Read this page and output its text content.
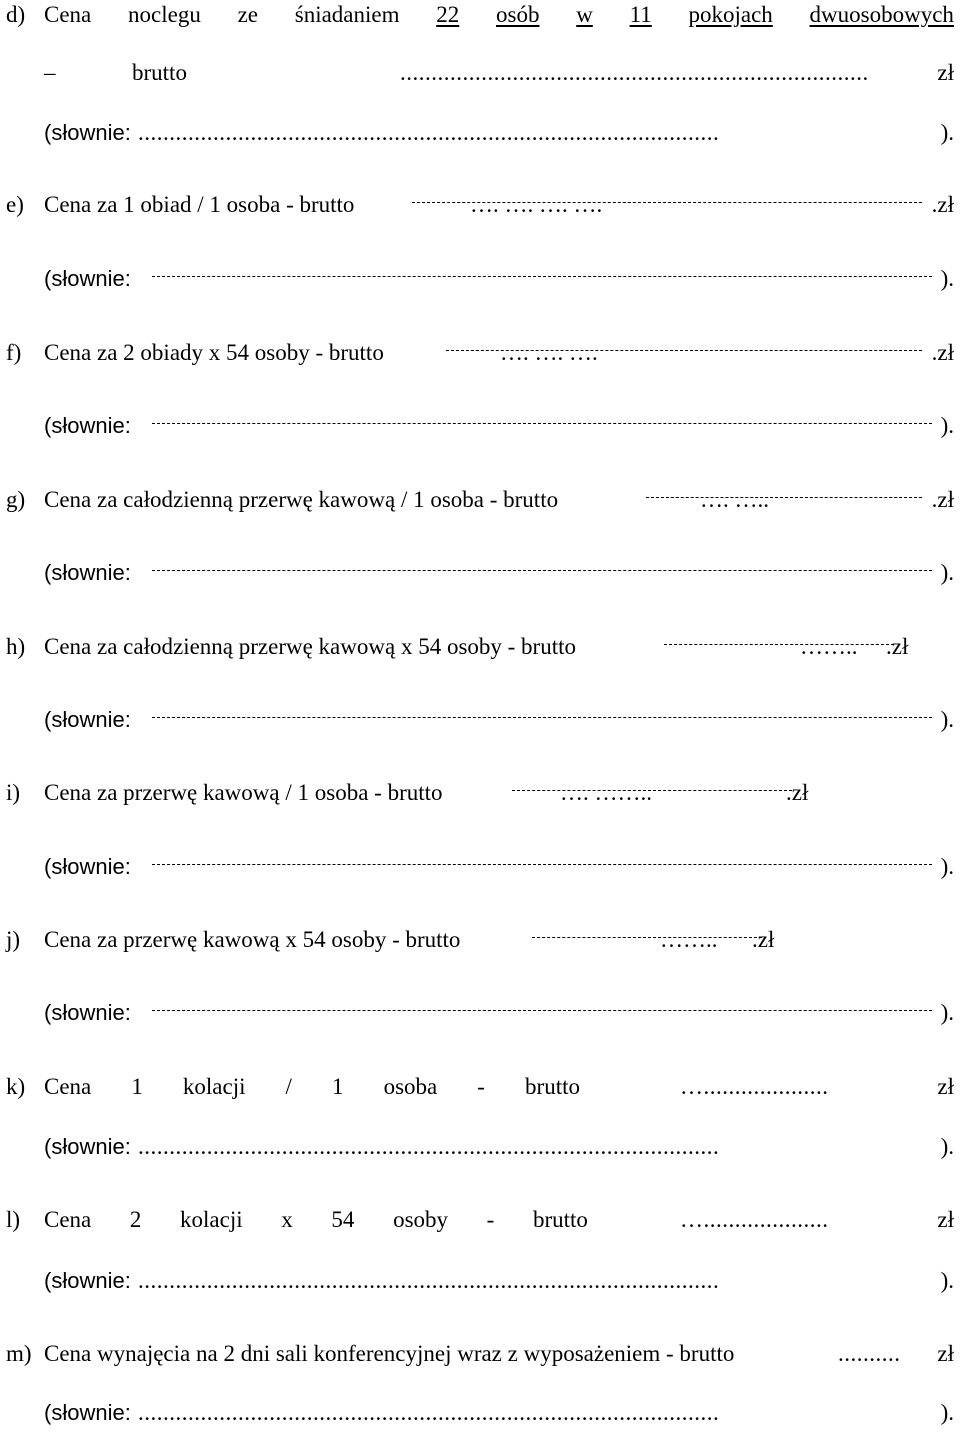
d) Cena noclegu ze śniadaniem 22 osób w 11 pokojach dwuosobowych
–	brutto	...........................................................................	zł
(słownie: .............................................................................................	).
e) Cena za 1 obiad / 1 osoba - brutto	…. …. …. ….	.zł
(słownie:	).
f) Cena za 2 obiady x 54 osoby - brutto	…. …. ….	.zł
(słownie:	).
g) Cena za całodzienną przerwę kawową / 1 osoba - brutto	…. …..	.zł
(słownie:	).
h) Cena za całodzienną przerwę kawową x 54 osoby - brutto	…….. .zł
(słownie:	).
i) Cena za przerwę kawową / 1 osoba - brutto	…. ……..	.zł
(słownie:	).
j) Cena za przerwę kawową x 54 osoby - brutto	…….. .zł
(słownie:	).
k) Cena 1 kolacji / 1 osoba - brutto	…....................	zł
(słownie: .............................................................................................	).
l) Cena 2 kolacji x 54 osoby - brutto	…....................	zł
(słownie: .............................................................................................	).
m) Cena wynajęcia na 2 dni sali konferencyjnej wraz z wyposażeniem - brutto	.......... zł
(słownie: .............................................................................................	).
